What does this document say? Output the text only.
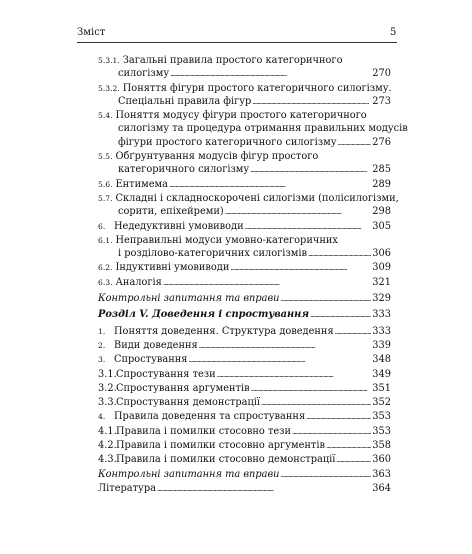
Зміст	5
5.3.1. Загальні правила простого категоричного
силогізму . . .	270
5.3.2. Поняття фігури простого категоричного силогізму.
Спеціальні правила фігур . . .	273
5.4. Поняття модусу фігури простого категоричного
силогізму та процедура отримання правильних модусів
фігури простого категоричного силогізму . . .	276
5.5. Обґрунтування модусів фігур простого
категоричного силогізму . . .	285
5.6. Ентимема . . .	289
5.7. Складні і складноскорочені силогізми (полісилогізми,
сорити, епіхейреми) . . .	298
6. Недедуктивні умовиводи . . .	305
6.1. Неправильні модуси умовно-категоричних
і розділово-категоричних силогізмів . . .	306
6.2. Індуктивні умовиводи . . .	309
6.3. Аналогія . . .	321
Контрольні запитання та вправи . . .	329
Розділ V. Доведення і спростування . . .	333
1. Поняття доведення. Структура доведення . . .	333
2. Види доведення . . .	339
3. Спростування . . .	348
3.1. Спростування тези . . .	349
3.2. Спростування аргументів . . .	351
3.3. Спростування демонстрації . . .	352
4. Правила доведення та спростування . . .	353
4.1. Правила і помилки стосовно тези . . .	353
4.2. Правила і помилки стосовно аргументів . . .	358
4.3. Правила і помилки стосовно демонстрації . . .	360
Контрольні запитання та вправи . . .	363
Література . . .	364
